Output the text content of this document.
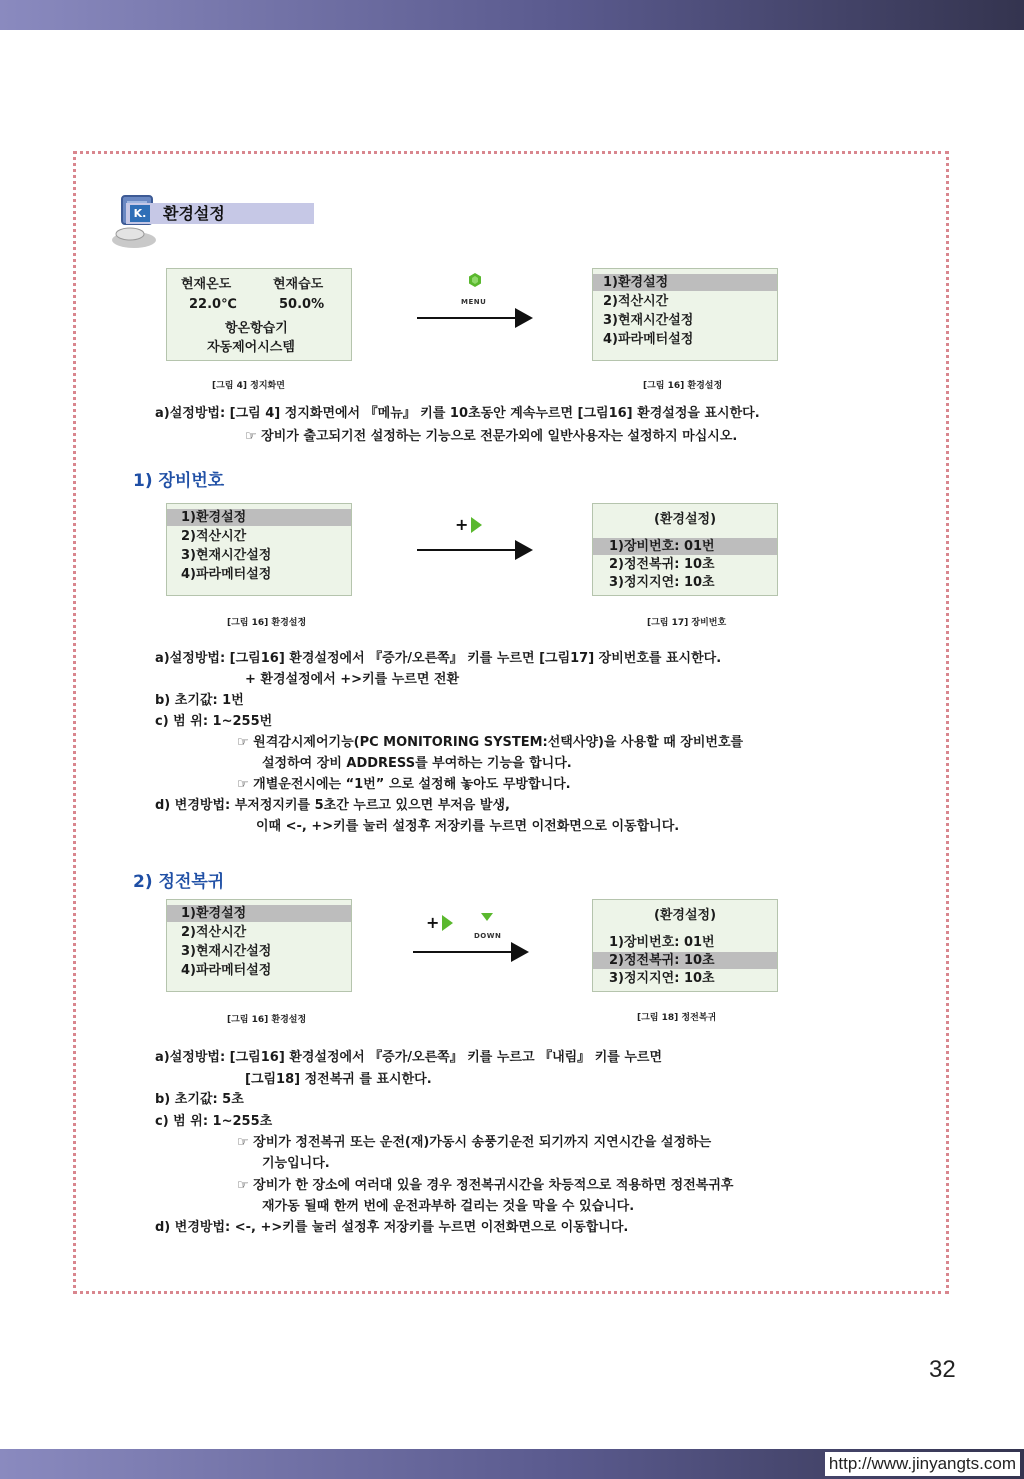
K. 환경설정
현재온도	현재습도
22.0℃	50.0%
항온항습기
자동제어시스템
MENU
1)환경설정
2)적산시간
3)현재시간설정
4)파라메터설정
[그림 4] 정지화면	[그림 16] 환경설정
a)설정방법: [그림 4] 정지화면에서 『메뉴』 키를 10초동안 계속누르면 [그림16] 환경설정을 표시한다.
☞ 장비가 출고되기전 설정하는 기능으로 전문가외에 일반사용자는 설정하지 마십시오.
1) 장비번호
1)환경설정
2)적산시간
3)현재시간설정
4)파라메터설정
+	(환경설정)
1)장비번호: 01번
2)정전복귀: 10초
3)정지지연: 10초
[그림 16] 환경설정	[그림 17] 장비번호
a)설정방법: [그림16] 환경설정에서 『증가/오른쪽』 키를 누르면 [그림17] 장비번호를 표시한다.
+ 환경설정에서 +>키를 누르면 전환
b) 초기값: 1번
c) 범 위: 1~255번
☞ 원격감시제어기능(PC MONITORING SYSTEM:선택사양)을 사용할 때 장비번호를
설정하여 장비 ADDRESS를 부여하는 기능을 합니다.
☞ 개별운전시에는 “1번” 으로 설정해 놓아도 무방합니다.
d) 변경방법: 부저정지키를 5초간 누르고 있으면 부저음 발생,
이때 <-, +>키를 눌러 설정후 저장키를 누르면 이전화면으로 이동합니다.
2) 정전복귀
1)환경설정
2)적산시간
3)현재시간설정
4)파라메터설정
+
DOWN
(환경설정)
1)장비번호: 01번
2)정전복귀: 10초
3)정지지연: 10초
[그림 16] 환경설정	[그림 18] 정전복귀
a)설정방법: [그림16] 환경설정에서 『증가/오른쪽』 키를 누르고 『내림』 키를 누르면
[그림18] 정전복귀 를 표시한다.
b) 초기값: 5초
c) 범 위: 1~255초
☞ 장비가 정전복귀 또는 운전(재)가동시 송풍기운전 되기까지 지연시간을 설정하는
기능입니다.
☞ 장비가 한 장소에 여러대 있을 경우 정전복귀시간을 차등적으로 적용하면 정전복귀후
재가동 될때 한꺼 번에 운전과부하 걸리는 것을 막을 수 있습니다.
d) 변경방법: <-, +>키를 눌러 설정후 저장키를 누르면 이전화면으로 이동합니다.
32
http://www.jinyangts.com
